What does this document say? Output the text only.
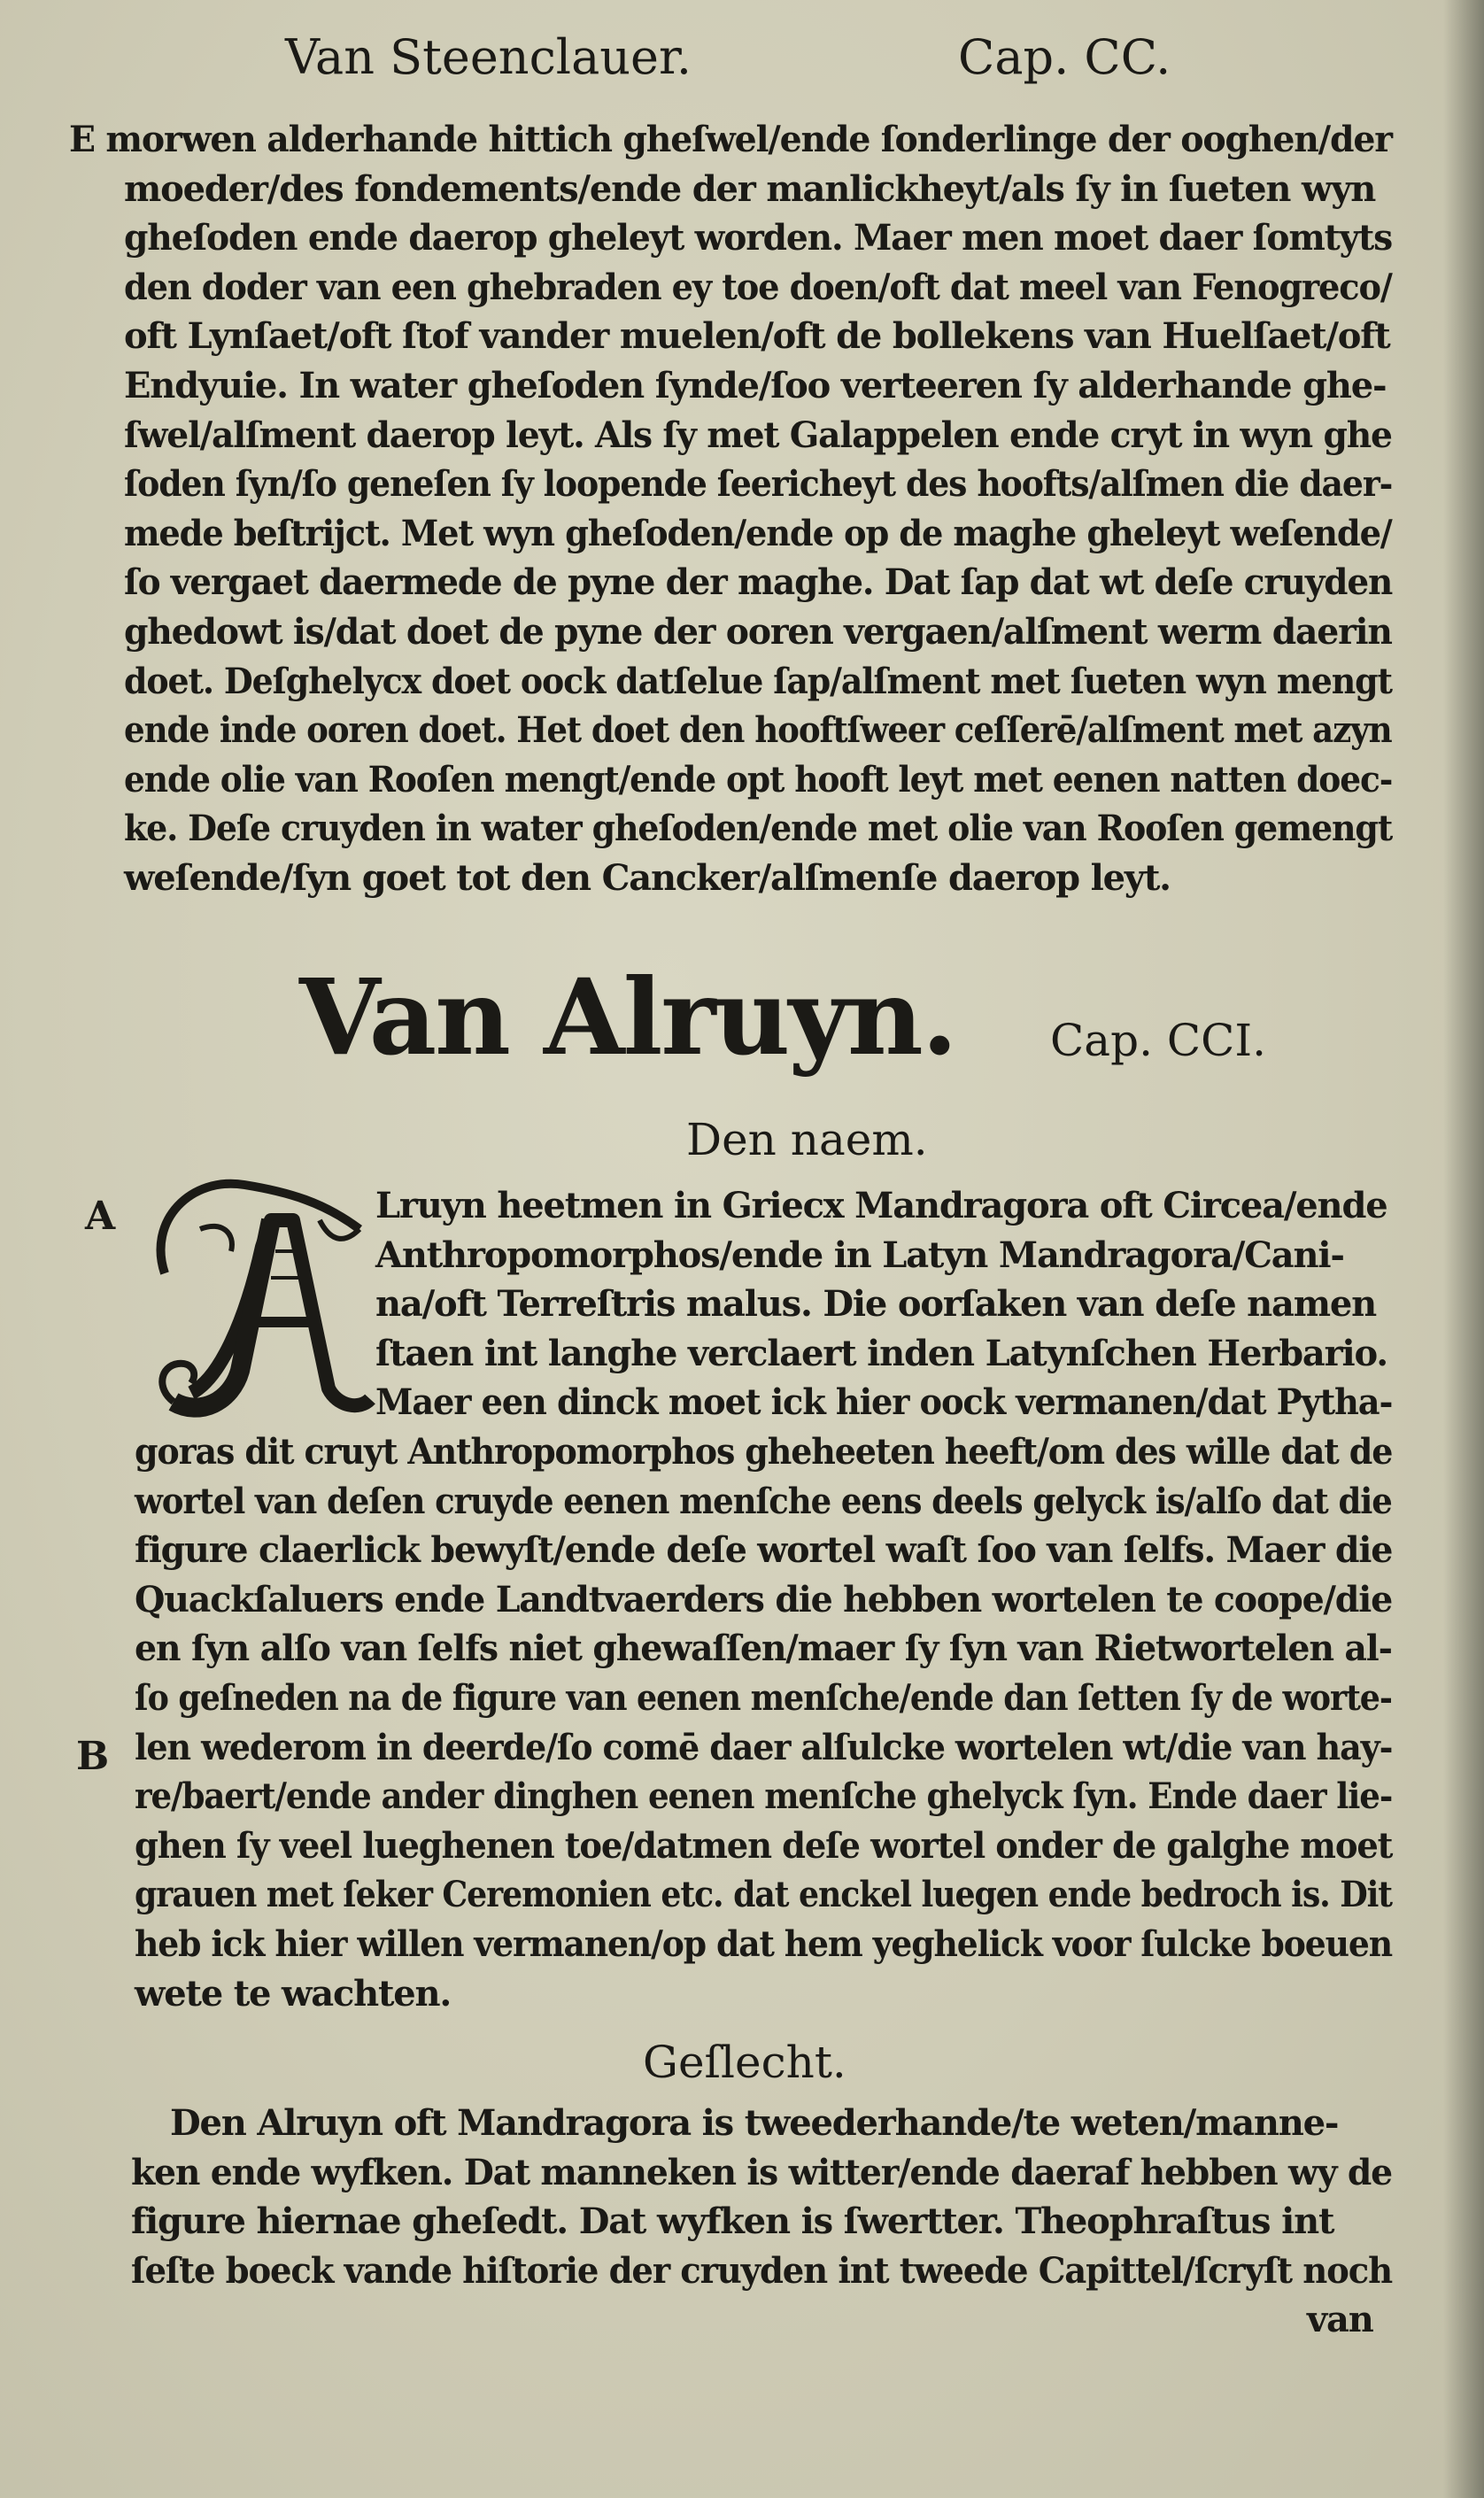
Van Steenclauer.	Cap. CC.
E morwen alderhande hittich gheſwel/ende ſonderlinge der ooghen/der
moeder/des fondements/ende der manlickheyt/als ſy in ſueten wyn
gheſoden ende daerop gheleyt worden. Maer men moet daer ſomtyts
den doder van een ghebraden ey toe doen/oft dat meel van Fenogreco/
oft Lynſaet/oft ſtof vander muelen/oft de bollekens van Huelſaet/oft
Endyuie. In water gheſoden ſynde/ſoo verteeren ſy alderhande ghe-
ſwel/alſment daerop leyt. Als ſy met Galappelen ende cryt in wyn ghe
ſoden ſyn/ſo geneſen ſy loopende ſeericheyt des hoofts/alſmen die daer-
mede beſtrijct. Met wyn gheſoden/ende op de maghe gheleyt weſende/
ſo vergaet daermede de pyne der maghe. Dat ſap dat wt deſe cruyden
ghedowt is/dat doet de pyne der ooren vergaen/alſment werm daerin
doet. Deſghelycx doet oock datſelue ſap/alſment met ſueten wyn mengt
ende inde ooren doet. Het doet den hooftſweer ceſſerē/alſment met azyn
ende olie van Rooſen mengt/ende opt hooft leyt met eenen natten doec-
ke. Deſe cruyden in water gheſoden/ende met olie van Rooſen gemengt
weſende/ſyn goet tot den Cancker/alſmenſe daerop leyt.
Van Alruyn. Cap. CCI.
Den naem.
A	Lruyn heetmen in Griecx Mandragora oft Circea/ende
Anthropomorphos/ende in Latyn Mandragora/Cani-
na/oft Terreſtris malus. Die oorſaken van deſe namen
ſtaen int langhe verclaert inden Latynſchen Herbario.
Maer een dinck moet ick hier oock vermanen/dat Pytha-
goras dit cruyt Anthropomorphos gheheeten heeft/om des wille dat de
wortel van deſen cruyde eenen menſche eens deels gelyck is/alſo dat die
figure claerlick bewyſt/ende deſe wortel waſt ſoo van ſelfs. Maer die
Quackſaluers ende Landtvaerders die hebben wortelen te coope/die
en ſyn alſo van ſelfs niet ghewaſſen/maer ſy ſyn van Rietwortelen al-
ſo geſneden na de figure van eenen menſche/ende dan ſetten ſy de worte-
len wederom in deerde/ſo comē daer alſulcke wortelen wt/die van hay-
re/baert/ende ander dinghen eenen menſche ghelyck ſyn. Ende daer lie-
ghen ſy veel lueghenen toe/datmen deſe wortel onder de galghe moet
grauen met ſeker Ceremonien etc. dat enckel luegen ende bedroch is. Dit
heb ick hier willen vermanen/op dat hem yeghelick voor ſulcke boeuen
wete te wachten.
B
Geſlecht.
Den Alruyn oft Mandragora is tweederhande/te weten/manne-
ken ende wyfken. Dat manneken is witter/ende daeraf hebben wy de
figure hiernae gheſedt. Dat wyfken is ſwertter. Theophraſtus int
ſeſte boeck vande hiſtorie der cruyden int tweede Capittel/ſcryſt noch
van
